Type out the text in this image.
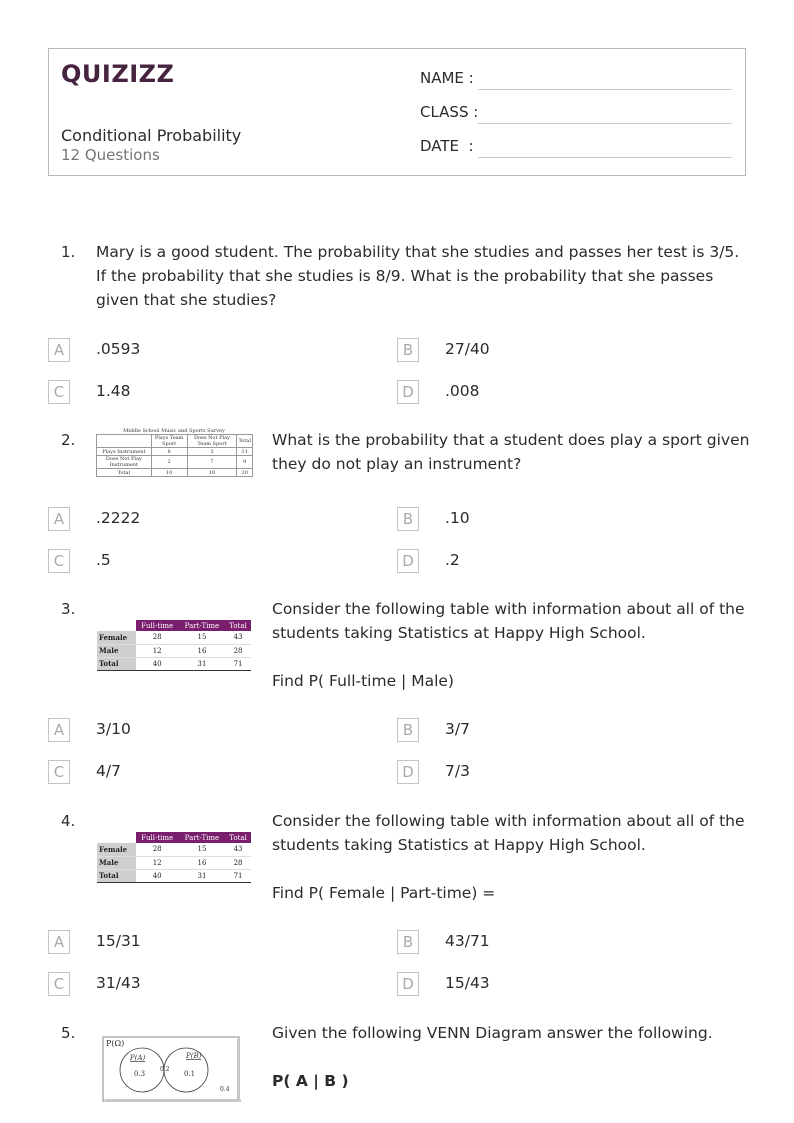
QUIZIZZ
Conditional Probability
12 Questions
NAME :
CLASS :
DATE  :
1. Mary is a good student. The probability that she studies and passes her test is 3/5. If the probability that she studies is 8/9. What is the probability that she passes given that she studies?
A	.0593	B	27/40
C	1.48	D	.008
2.	Middle School Music and Sports Survey
	Plays Team Sport	Does Not Play Team Sport	Total
Plays Instrument	8	3	11
Does Not Play Instrument	2	7	9
Total	10	10	20
What is the probability that a student does play a sport given they do not play an instrument?
A	.2222	B	.10
C	.5	D	.2
3.
	Full-time	Part-Time	Total
Female	28	15	43
Male	12	16	28
Total	40	31	71
Consider the following table with information about all of the students taking Statistics at Happy High School.
Find P( Full-time | Male)
A	3/10	B	3/7
C	4/7	D	7/3
4.
	Full-time	Part-Time	Total
Female	28	15	43
Male	12	16	28
Total	40	31	71
Consider the following table with information about all of the students taking Statistics at Happy High School.
Find P( Female | Part-time) =
A	15/31	B	43/71
C	31/43	D	15/43
5.
P(Ω)
P(A)	P(B)
0.3
0.2
0.1
0.4
Given the following VENN Diagram answer the following.
P( A | B )
